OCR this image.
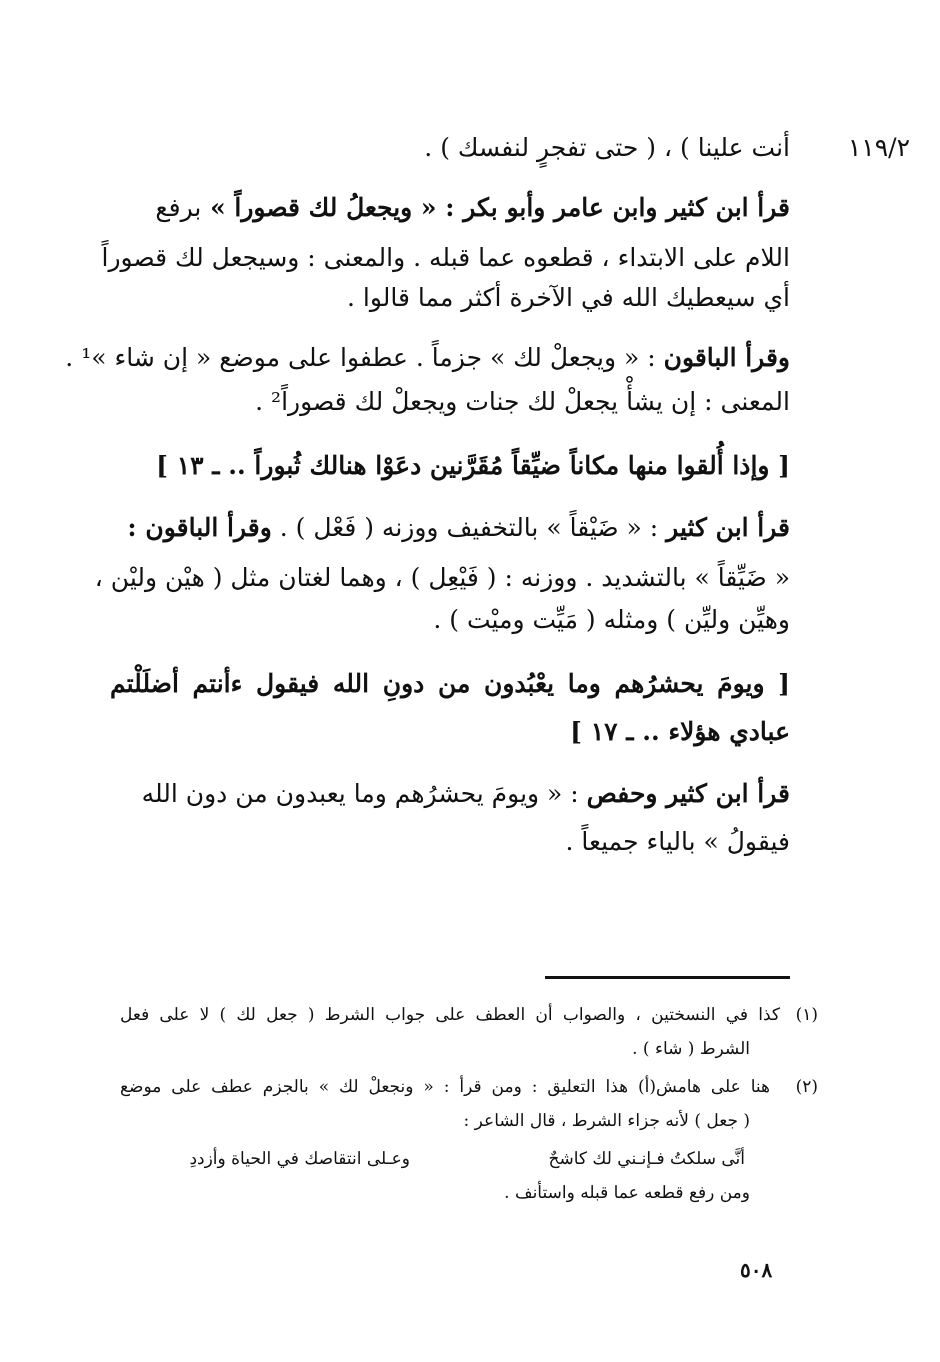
١١٩/٢
أنت علينا ) ، ( حتى تفجرٍ لنفسك ) .
قرأ ابن كثير وابن عامر وأبو بكر : « ويجعلُ لك قصوراً » برفع
اللام على الابتداء ، قطعوه عما قبله . والمعنى : وسيجعل لك قصوراً
أي سيعطيك الله في الآخرة أكثر مما قالوا .
وقرأ الباقون : « ويجعلْ لك » جزماً . عطفوا على موضع « إن شاء »¹ .
المعنى : إن يشأْ يجعلْ لك جنات ويجعلْ لك قصوراً² .
[ وإذا أُلقوا منها مكاناً ضيِّقاً مُقَرَّنين دعَوْا هنالك ثُبوراً .. ـ ١٣ ]
قرأ ابن كثير : « ضَيْقاً » بالتخفيف ووزنه ( فَعْل ) . وقرأ الباقون :
« ضَيِّقاً » بالتشديد . ووزنه : ( فَيْعِل ) ، وهما لغتان مثل ( هيْن وليْن ،
وهيِّن وليِّن ) ومثله ( مَيِّت وميْت ) .
[ ويومَ يحشرُهم وما يعْبُدون من دونِ الله فيقول ءأنتم أضلَلْتم
عبادي هؤلاء .. ـ ١٧ ]
قرأ ابن كثير وحفص : « ويومَ يحشرُهم وما يعبدون من دون الله
فيقولُ » بالياء جميعاً .
(١)
كذا في النسختين ، والصواب أن العطف على جواب الشرط ( جعل لك ) لا على فعل
الشرط ( شاء ) .
(٢)
هنا على هامش(أ) هذا التعليق : ومن قرأ : « ونجعلْ لك » بالجزم عطف على موضع
( جعل ) لأنه جزاء الشرط ، قال الشاعر :
أنَّى سلكتُ فـإنـني لك كاشحٌ
وعـلى انتقاصك في الحياة وأزددِ
ومن رفع قطعه عما قبله واستأنف .
٥٠٨
